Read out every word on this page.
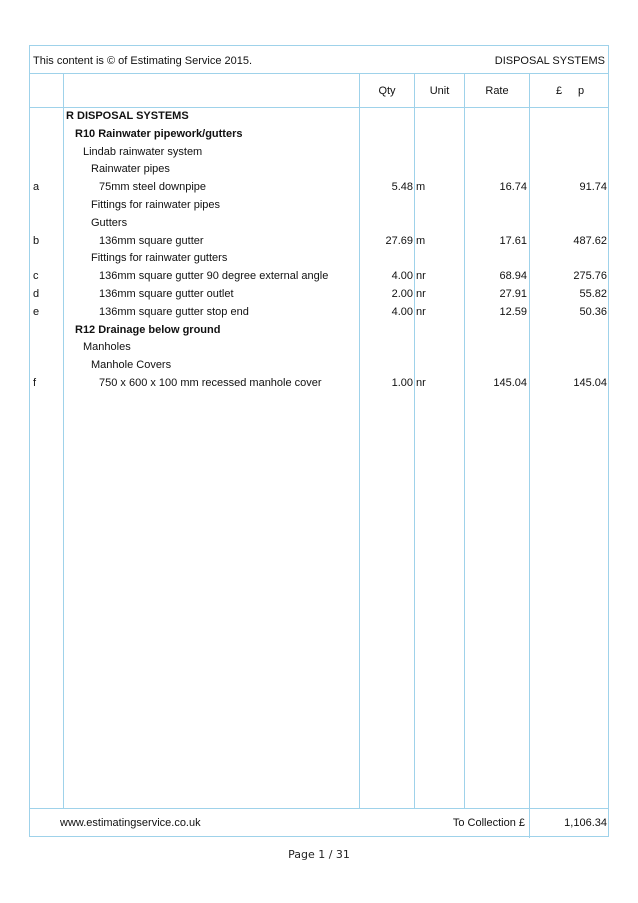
This content is © of Estimating Service 2015.	DISPOSAL SYSTEMS
Qty	Unit	Rate	£ p
R DISPOSAL SYSTEMS
R10 Rainwater pipework/gutters
Lindab rainwater system
Rainwater pipes
a	75mm steel downpipe	5.48 m	16.74	91.74
Fittings for rainwater pipes
Gutters
b	136mm square gutter	27.69 m	17.61	487.62
Fittings for rainwater gutters
c	136mm square gutter 90 degree external angle	4.00 nr	68.94	275.76
d	136mm square gutter outlet	2.00 nr	27.91	55.82
e	136mm square gutter stop end	4.00 nr	12.59	50.36
R12 Drainage below ground
Manholes
Manhole Covers
f	750 x 600 x 100 mm recessed manhole cover	1.00 nr	145.04	145.04
www.estimatingservice.co.uk	To Collection £	1,106.34
Page 1 / 31
